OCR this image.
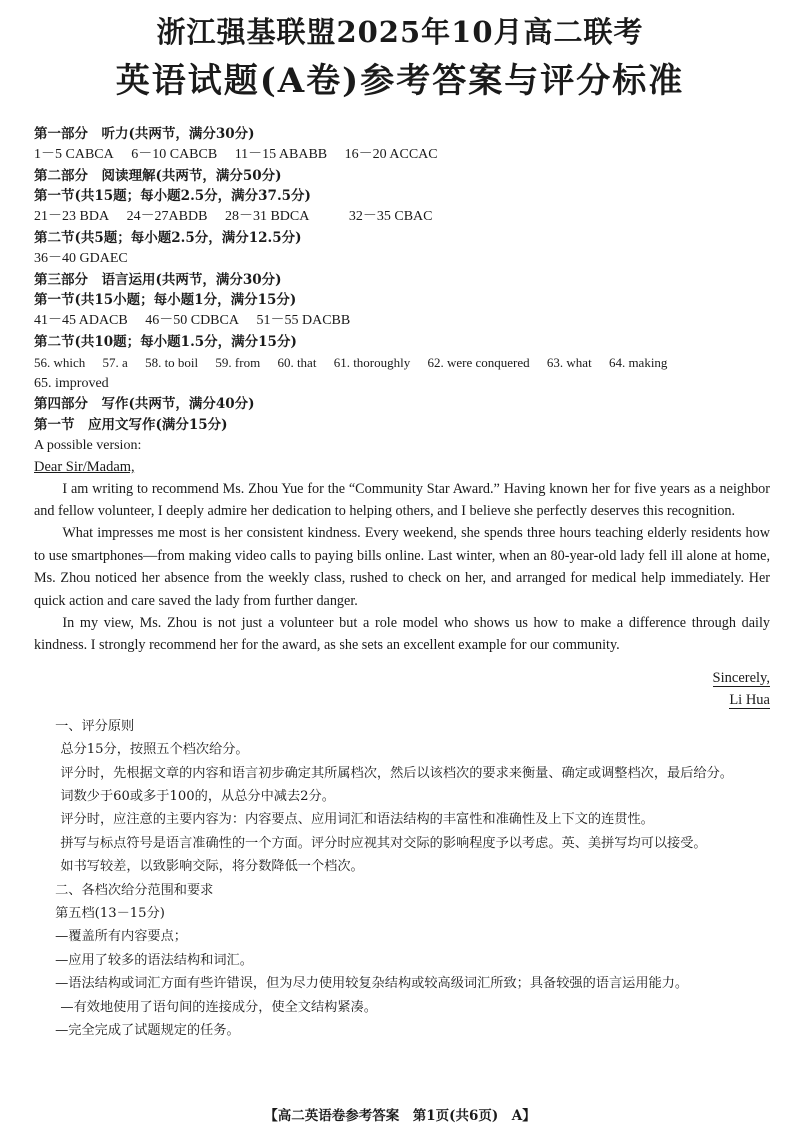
浙江强基联盟2025年10月高二联考
英语试题(A卷)参考答案与评分标准
第一部分　听力(共两节，满分30分)
1－5 CABCA 6－10 CABCB 11－15 ABABB 16－20 ACCAC
第二部分　阅读理解(共两节，满分50分)
第一节(共15题；每小题2.5分，满分37.5分)
21－23 BDA 24－27ABDB 28－31 BDCA	32－35 CBAC
第二节(共5题；每小题2.5分，满分12.5分)
36－40 GDAEC
第三部分　语言运用(共两节，满分30分)
第一节(共15小题；每小题1分，满分15分)
41－45 ADACB 46－50 CDBCA 51－55 DACBB
第二节(共10题；每小题1.5分，满分15分)
56. which 57. a 58. to boil 59. from 60. that 61. thoroughly 62. were conquered 63. what 64. making
65. improved
第四部分　写作(共两节，满分40分)
第一节　应用文写作(满分15分)
A possible version:
Dear Sir/Madam,

I am writing to recommend Ms. Zhou Yue for the “Community Star Award.” Having known her for five years as a neighbor and fellow volunteer, I deeply admire her dedication to helping others, and I believe she perfectly deserves this recognition.

What impresses me most is her consistent kindness. Every weekend, she spends three hours teaching elderly residents how to use smartphones—from making video calls to paying bills online. Last winter, when an 80-year-old lady fell ill alone at home, Ms. Zhou noticed her absence from the weekly class, rushed to check on her, and arranged for medical help immediately. Her quick action and care saved the lady from further danger.

In my view, Ms. Zhou is not just a volunteer but a role model who shows us how to make a difference through daily kindness. I strongly recommend her for the award, as she sets an excellent example for our community.

Sincerely,
Li Hua

一、评分原则

总分15分，按照五个档次给分。

评分时，先根据文章的内容和语言初步确定其所属档次，然后以该档次的要求来衡量、确定或调整档次，最后给分。

词数少于60或多于100的，从总分中减去2分。

评分时，应注意的主要内容为：内容要点、应用词汇和语法结构的丰富性和准确性及上下文的连贯性。

拼写与标点符号是语言准确性的一个方面。评分时应视其对交际的影响程度予以考虑。英、美拼写均可以接受。

如书写较差，以致影响交际，将分数降低一个档次。

二、各档次给分范围和要求

第五档(13－15分)

—覆盖所有内容要点；

—应用了较多的语法结构和词汇。

—语法结构或词汇方面有些许错误，但为尽力使用较复杂结构或较高级词汇所致；具备较强的语言运用能力。

—有效地使用了语句间的连接成分，使全文结构紧凑。

—完全完成了试题规定的任务。

【高二英语卷参考答案　第1页(共6页)　A】
